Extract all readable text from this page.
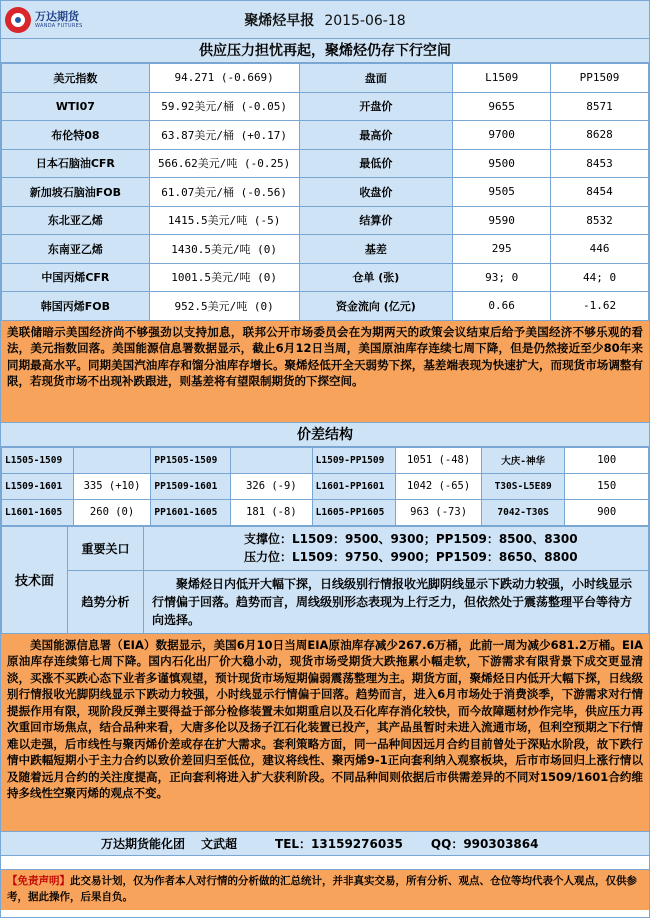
万达期货
WANDA FUTURES	聚烯烃早报 2015-06-18
供应压力担忧再起，聚烯烃仍存下行空间
美元指数	94.271 (-0.669)	盘面	L1509	PP1509
WTI07	59.92美元/桶 (-0.05)	开盘价	9655	8571
布伦特08	63.87美元/桶 (+0.17)	最高价	9700	8628
日本石脑油CFR	566.62美元/吨 (-0.25)	最低价	9500	8453
新加坡石脑油FOB	61.07美元/桶 (-0.56)	收盘价	9505	8454
东北亚乙烯	1415.5美元/吨 (-5)	结算价	9590	8532
东南亚乙烯	1430.5美元/吨 (0)	基差	295	446
中国丙烯CFR	1001.5美元/吨 (0)	仓单 (张)	93; 0	44; 0
韩国丙烯FOB	952.5美元/吨 (0)	资金流向 (亿元)	0.66	-1.62
美联储暗示美国经济尚不够强劲以支持加息，联邦公开市场委员会在为期两天的政策会议结束后给予美国经济不够乐观的看法，美元指数回落。美国能源信息署数据显示，截止6月12日当周，美国原油库存连续七周下降，但是仍然接近至少80年来同期最高水平。同期美国汽油库存和馏分油库存增长。聚烯烃低开全天弱势下探，基差端表现为快速扩大，而现货市场调整有限，若现货市场不出现补跌跟进，则基差将有望限制期货的下探空间。
价差结构
L1505-1509		PP1505-1509		L1509-PP1509	1051 (-48)	大庆-神华	100
L1509-1601	335 (+10)	PP1509-1601	326 (-9)	L1601-PP1601	1042 (-65)	T30S-L5E89	150
L1601-1605	260 (0)	PP1601-1605	181 (-8)	L1605-PP1605	963 (-73)	7042-T30S	900
技术面	重要关口	支撑位：L1509：9500、9300；PP1509：8500、8300
压力位：L1509：9750、9900；PP1509：8650、8800

	趋势分析	聚烯烃日内低开大幅下探，日线级别行情报收光脚阴线显示下跌动力较强，小时线显示行情偏于回落。趋势而言，周线级别形态表现为上行乏力，但依然处于震荡整理平台等待方向选择。
美国能源信息署（EIA）数据显示，美国6月10日当周EIA原油库存减少267.6万桶，此前一周为减少681.2万桶。EIA原油库存连续第七周下降。国内石化出厂价大稳小动，现货市场受期货大跌拖累小幅走软，下游需求有限背景下成交更显清淡，买涨不买跌心态下业者多谨慎观望，预计现货市场短期偏弱震荡整理为主。期货方面，聚烯烃日内低开大幅下探，日线级别行情报收光脚阴线显示下跌动力较强，小时线显示行情偏于回落。趋势而言，进入6月市场处于消费淡季，下游需求对行情提振作用有限，现阶段反弹主要得益于部分检修装置未如期重启以及石化库存消化较快，而今故障题材炒作完毕，供应压力再次重回市场焦点，结合品种来看，大唐多伦以及扬子江石化装置已投产，其产品虽暂时未进入流通市场，但利空预期之下行情难以走强，后市线性与聚丙烯价差或存在扩大需求。套利策略方面，同一品种间因远月合约目前曾处于深贴水阶段，故下跌行情中跌幅短期小于主力合约以致价差回归至低位，建议将线性、聚丙烯9-1正向套利纳入观察板块，后市市场回归上涨行情以及随着远月合约的关注度提高，正向套利将进入扩大获利阶段。不同品种间则依据后市供需差异的不同对1509/1601合约维持多线性空聚丙烯的观点不变。
万达期货能化团 文武超	TEL：13159276035 QQ：990303864
【免责声明】此交易计划，仅为作者本人对行情的分析做的汇总统计，并非真实交易，所有分析、观点、仓位等均代表个人观点，仅供参考，据此操作，后果自负。
